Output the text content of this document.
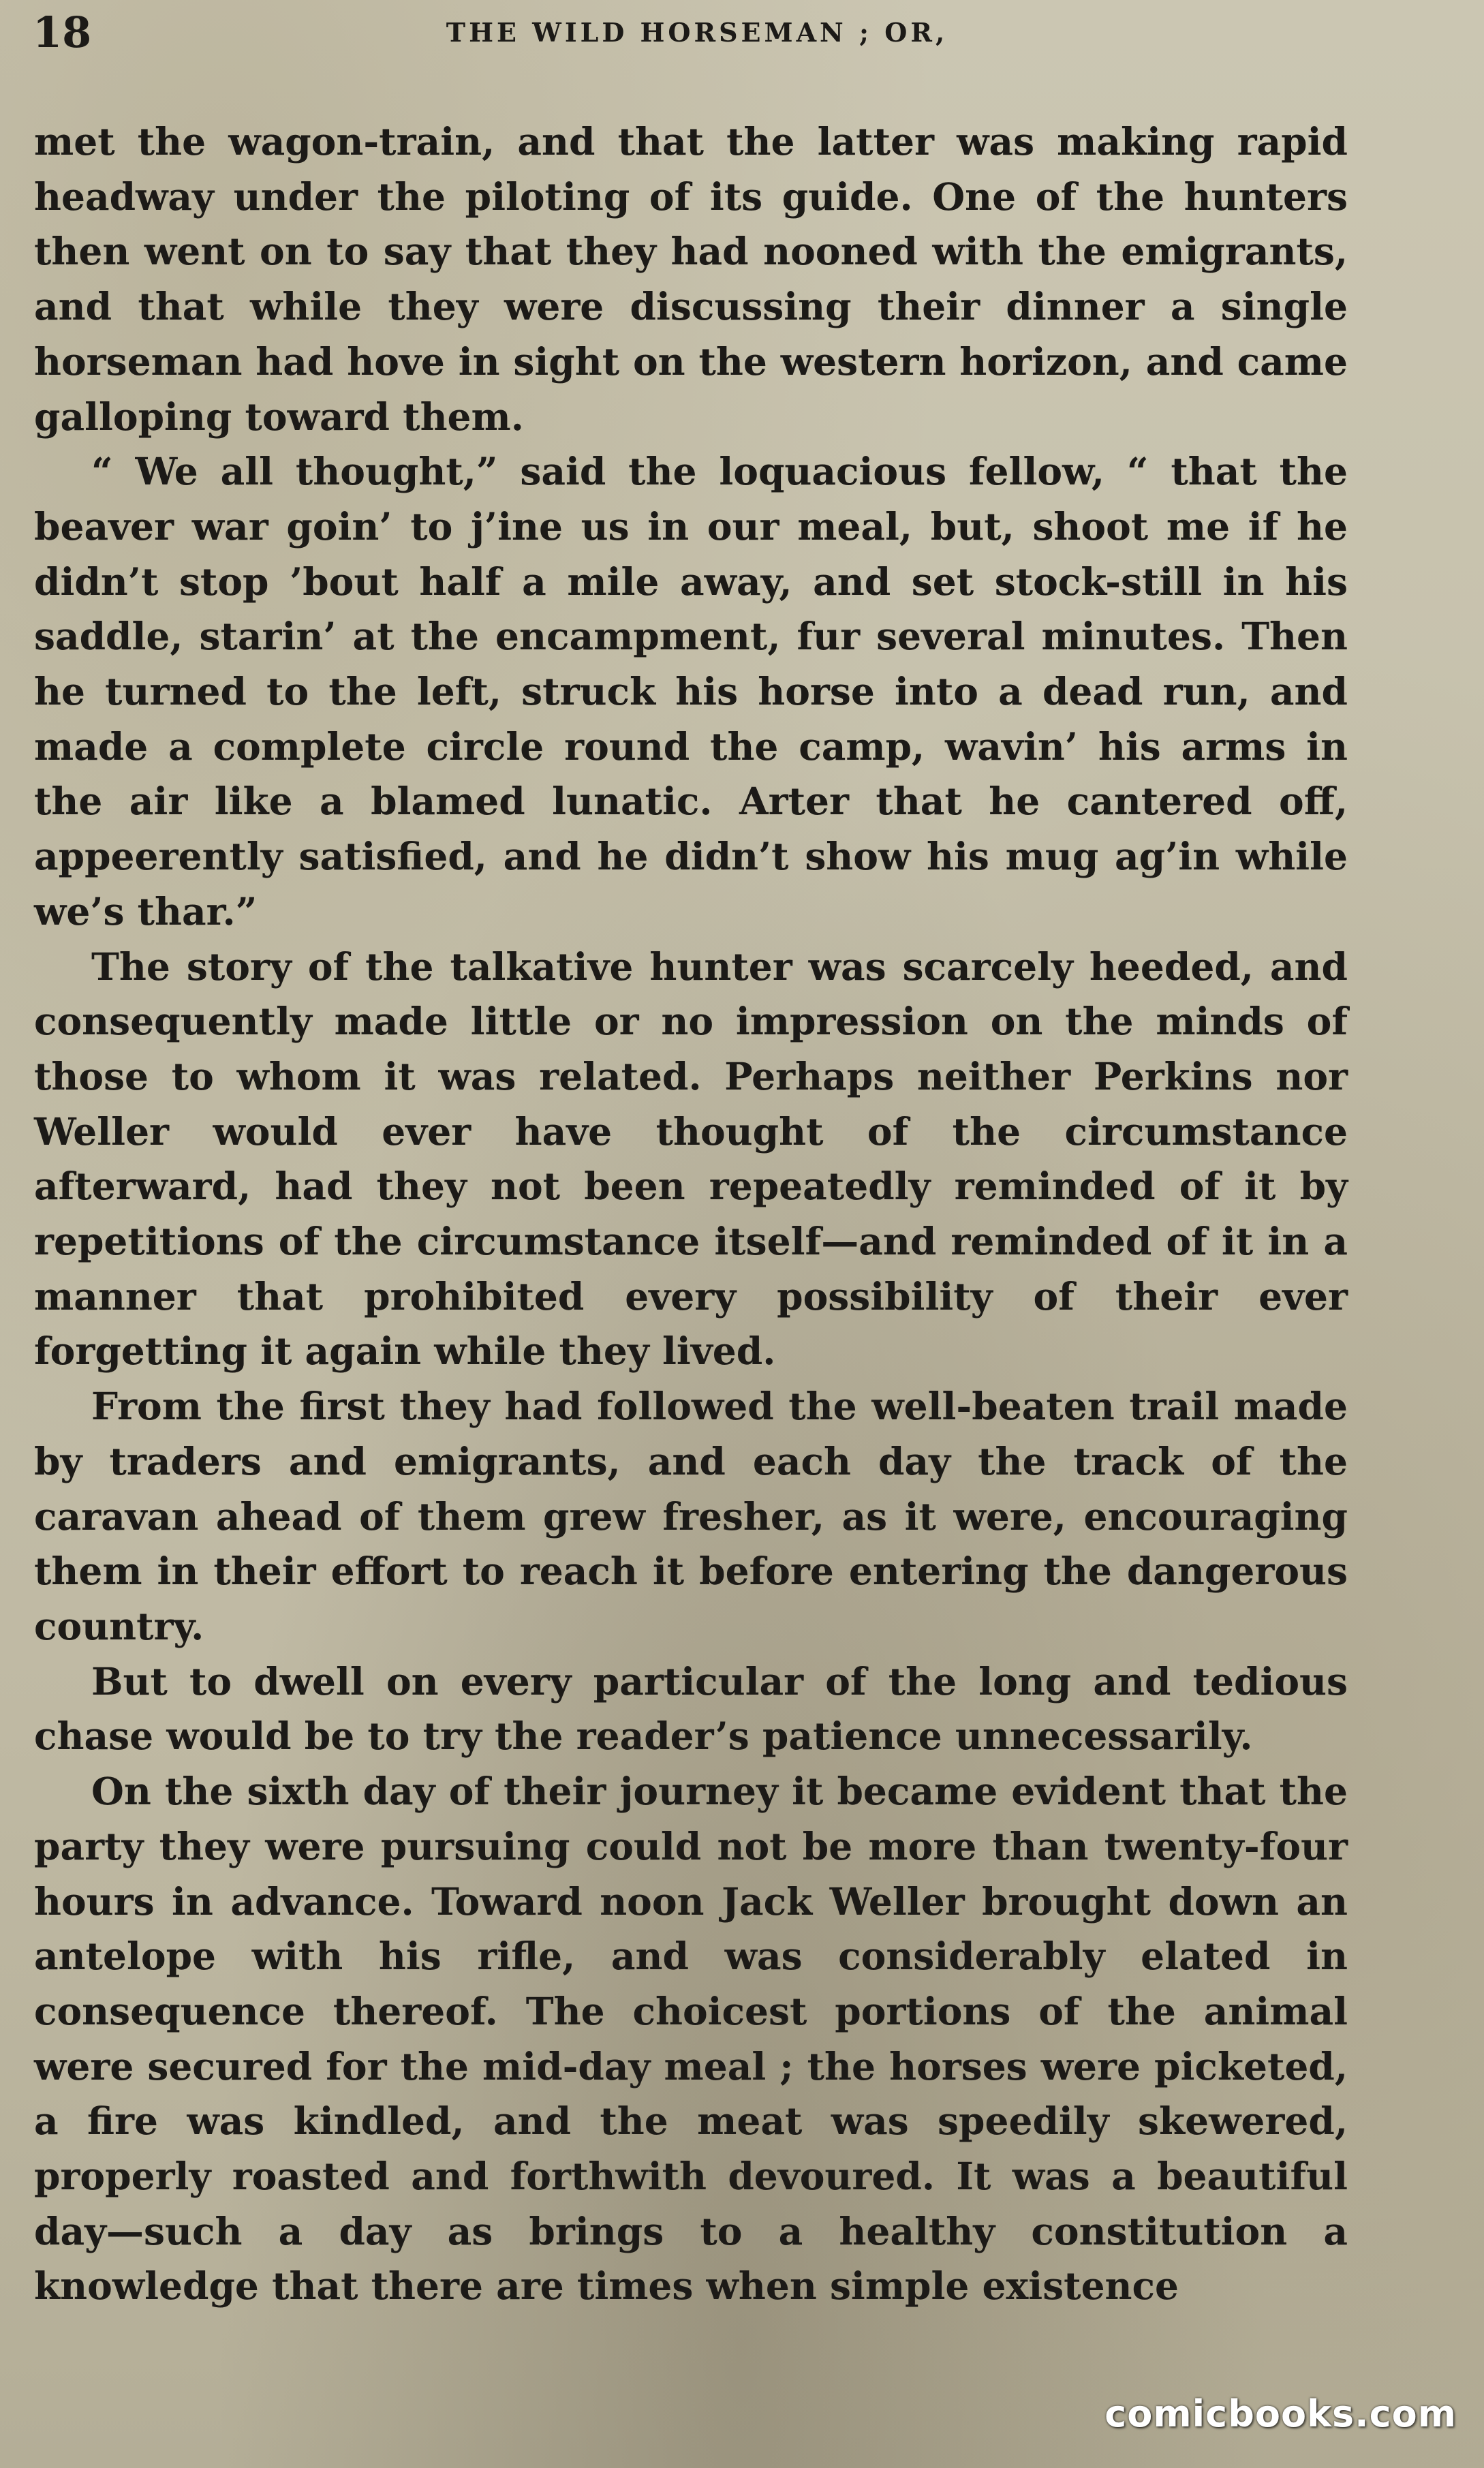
18	THE WILD HORSEMAN ; OR,

met the wagon-train, and that the latter was making rapid headway under the piloting of its guide. One of the hunters then went on to say that they had nooned with the emigrants, and that while they were discussing their dinner a single horseman had hove in sight on the western horizon, and came galloping toward them.

“ We all thought,” said the loquacious fellow, “ that the beaver war goin’ to j’ine us in our meal, but, shoot me if he didn’t stop ’bout half a mile away, and set stock-still in his saddle, starin’ at the encampment, fur several minutes. Then he turned to the left, struck his horse into a dead run, and made a complete circle round the camp, wavin’ his arms in the air like a blamed lunatic. Arter that he cantered off, appeerently satisfied, and he didn’t show his mug ag’in while we’s thar.”

The story of the talkative hunter was scarcely heeded, and consequently made little or no impression on the minds of those to whom it was related. Perhaps neither Perkins nor Weller would ever have thought of the circumstance afterward, had they not been repeatedly reminded of it by repetitions of the circumstance itself—and reminded of it in a manner that prohibited every possibility of their ever forgetting it again while they lived.

From the first they had followed the well-beaten trail made by traders and emigrants, and each day the track of the caravan ahead of them grew fresher, as it were, encouraging them in their effort to reach it before entering the dangerous country.

But to dwell on every particular of the long and tedious chase would be to try the reader’s patience unnecessarily.

On the sixth day of their journey it became evident that the party they were pursuing could not be more than twenty-four hours in advance. Toward noon Jack Weller brought down an antelope with his rifle, and was considerably elated in consequence thereof. The choicest portions of the animal were secured for the mid-day meal ; the horses were picketed, a fire was kindled, and the meat was speedily skewered, properly roasted and forthwith devoured. It was a beautiful day—such a day as brings to a healthy constitution a knowledge that there are times when simple existence

comicbooks.com
